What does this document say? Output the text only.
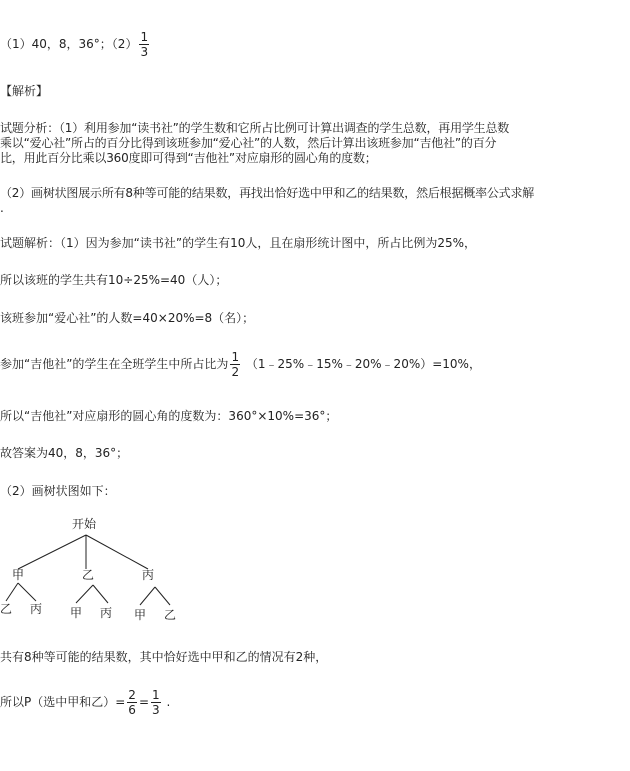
（1）40，8，36°；$(2) \frac{1}{3}$
【解析】
试题分析：（1）利用参加“读书社”的学生数和它所占比例可计算出调查的学生总数，再用学生总数
乘以“爱心社”所占的百分比得到该班参加“爱心社”的人数，然后计算出该班参加“吉他社”的百分
比，用此百分比乘以360度即可得到“吉他社”对应扇形的圆心角的度数；
（2）画树状图展示所有8种等可能的结果数，再找出恰好选中甲和乙的结果数，然后根据概率公式求解
.
试题解析：（1）因为参加“读书社”的学生有10人，且在扇形统计图中，所占比例为25%，
所以该班的学生共有10÷25%=40（人）；
该班参加“爱心社”的人数=40×20%=8（名）；
参加“吉他社”的学生在全班学生中所占比为 $\frac{1}{2}$ （1﹣25%﹣15%﹣20%﹣20%）=10%，
所以“吉他社”对应扇形的圆心角的度数为：360°×10%=36°；
故答案为40，8，36°；
（2）画树状图如下：
开始
甲	乙	丙
乙 丙 甲 丙 甲 乙
共有8种等可能的结果数，其中恰好选中甲和乙的情况有2种，
所以P（选中甲和乙）= $\frac{2}{6} = \frac{1}{3}$ .
